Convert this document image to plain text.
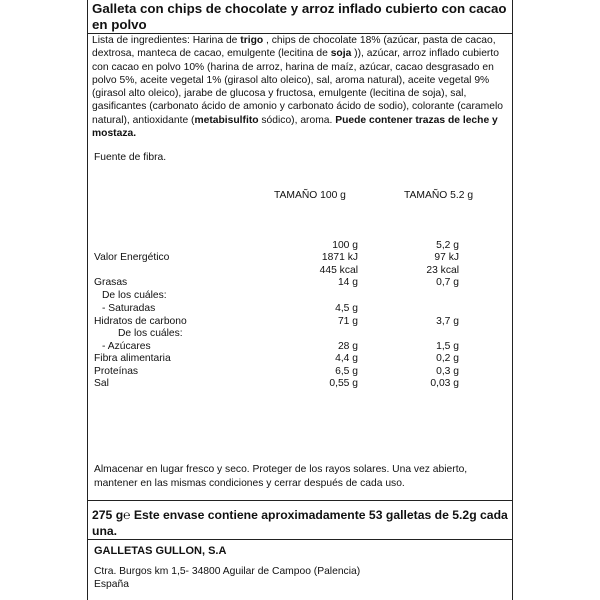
Galleta con chips de chocolate y arroz inflado cubierto con cacao en polvo
Lista de ingredientes: Harina de trigo , chips de chocolate 18% (azúcar, pasta de cacao, dextrosa, manteca de cacao, emulgente (lecitina de soja )), azúcar, arroz inflado cubierto con cacao en polvo 10% (harina de arroz, harina de maíz, azúcar, cacao desgrasado en polvo 5%, aceite vegetal 1% (girasol alto oleico), sal, aroma natural), aceite vegetal 9% (girasol alto oleico), jarabe de glucosa y fructosa, emulgente (lecitina de soja), sal, gasificantes (carbonato ácido de amonio y carbonato ácido de sodio), colorante (caramelo natural), antioxidante (metabisulfito sódico), aroma. Puede contener trazas de leche y mostaza.
Fuente de fibra.
TAMAÑO 100 g	TAMAÑO 5.2 g
100 g	5,2 g
Valor Energético	1871 kJ	97 kJ
445 kcal	23 kcal
Grasas	14 g	0,7 g
De los cuáles:
- Saturadas	4,5 g
Hidratos de carbono	71 g	3,7 g
De los cuáles:
- Azúcares	28 g	1,5 g
Fibra alimentaria	4,4 g	0,2 g
Proteínas	6,5 g	0,3 g
Sal	0,55 g	0,03 g
Almacenar en lugar fresco y seco. Proteger de los rayos solares. Una vez abierto, mantener en las mismas condiciones y cerrar después de cada uso.
275 g℮ Este envase contiene aproximadamente 53 galletas de 5.2g cada una.
GALLETAS GULLON, S.A
Ctra. Burgos km 1,5- 34800 Aguilar de Campoo (Palencia)
España
